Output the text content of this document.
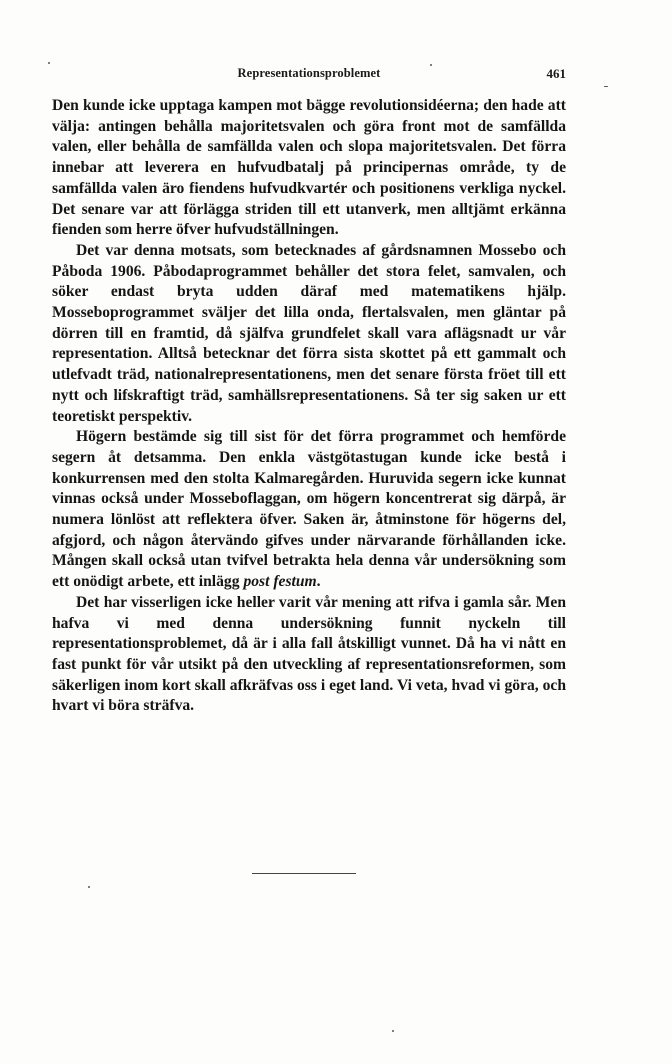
Representationsproblemet	461

Den kunde icke upptaga kampen mot bägge revolutionsidéerna; den hade att välja: antingen behålla majoritetsvalen och göra front mot de samfällda valen, eller behålla de samfällda valen och slopa majoritetsvalen. Det förra innebar att leverera en hufvudbatalj på principernas område, ty de samfällda valen äro fiendens hufvudkvartér och positionens verkliga nyckel. Det senare var att förlägga striden till ett utanverk, men alltjämt erkänna fienden som herre öfver hufvudställningen.

Det var denna motsats, som betecknades af gårdsnamnen Mossebo och Påboda 1906. Påbodaprogrammet behåller det stora felet, samvalen, och söker endast bryta udden däraf med matematikens hjälp. Mosseboprogrammet sväljer det lilla onda, flertalsvalen, men gläntar på dörren till en framtid, då själfva grundfelet skall vara aflägsnadt ur vår representation. Alltså betecknar det förra sista skottet på ett gammalt och utlefvadt träd, nationalrepresentationens, men det senare första fröet till ett nytt och lifskraftigt träd, samhällsrepresentationens. Så ter sig saken ur ett teoretiskt perspektiv.

Högern bestämde sig till sist för det förra programmet och hemförde segern åt detsamma. Den enkla västgötastugan kunde icke bestå i konkurrensen med den stolta Kalmaregården. Huruvida segern icke kunnat vinnas också under Mosseboflaggan, om högern koncentrerat sig därpå, är numera lönlöst att reflektera öfver. Saken är, åtminstone för högerns del, afgjord, och någon återvändo gifves under närvarande förhållanden icke. Mången skall också utan tvifvel betrakta hela denna vår undersökning som ett onödigt arbete, ett inlägg post festum.

Det har visserligen icke heller varit vår mening att rifva i gamla sår. Men hafva vi med denna undersökning funnit nyckeln till representationsproblemet, då är i alla fall åtskilligt vunnet. Då ha vi nått en fast punkt för vår utsikt på den utveckling af representationsreformen, som säkerligen inom kort skall afkräfvas oss i eget land. Vi veta, hvad vi göra, och hvart vi böra sträfva.
